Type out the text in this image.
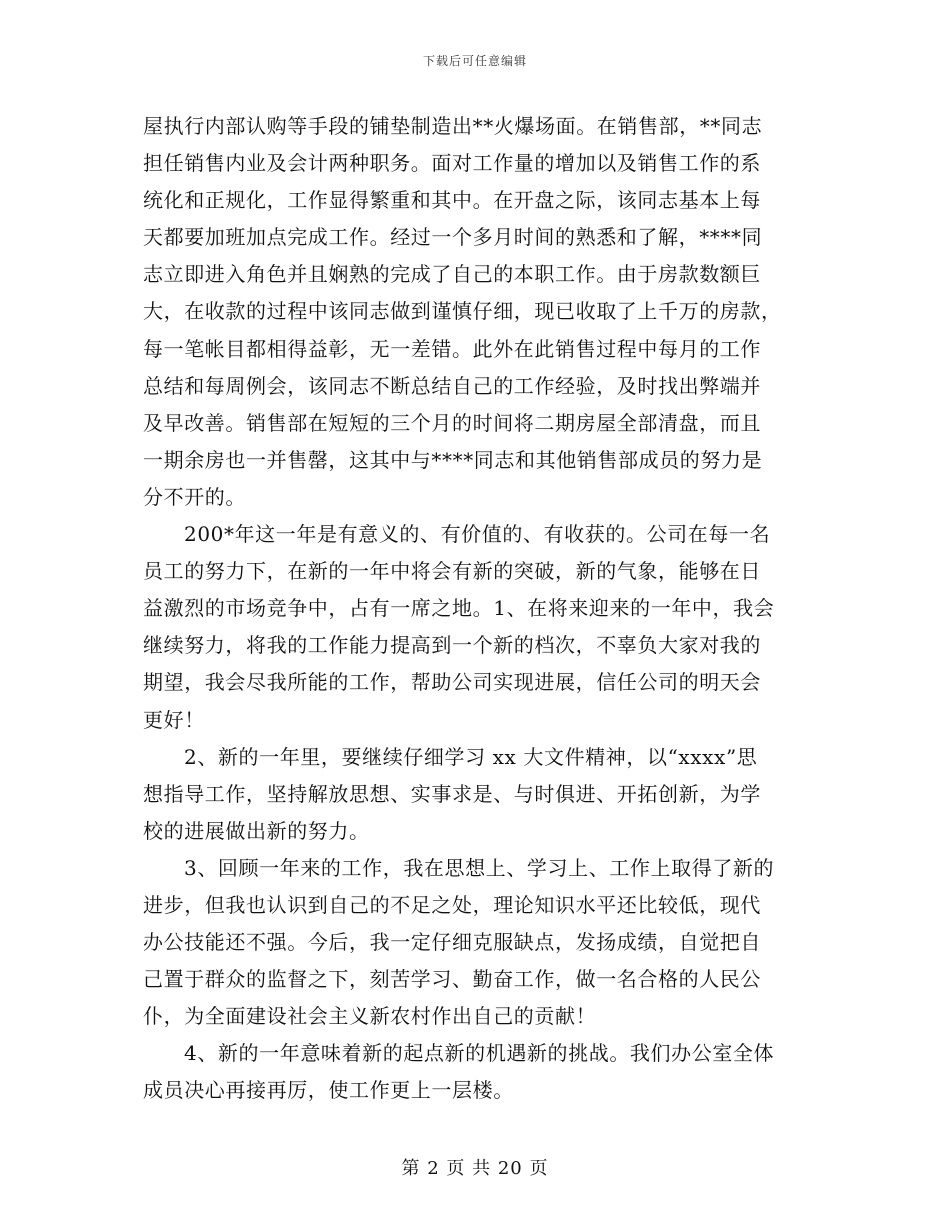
下载后可任意编辑
屋执行内部认购等手段的铺垫制造出**火爆场面。在销售部，**同志
担任销售内业及会计两种职务。面对工作量的增加以及销售工作的系
统化和正规化，工作显得繁重和其中。在开盘之际，该同志基本上每
天都要加班加点完成工作。经过一个多月时间的熟悉和了解，****同
志立即进入角色并且娴熟的完成了自己的本职工作。由于房款数额巨
大，在收款的过程中该同志做到谨慎仔细，现已收取了上千万的房款，
每一笔帐目都相得益彰，无一差错。此外在此销售过程中每月的工作
总结和每周例会，该同志不断总结自己的工作经验，及时找出弊端并
及早改善。销售部在短短的三个月的时间将二期房屋全部清盘，而且
一期余房也一并售罄，这其中与****同志和其他销售部成员的努力是
分不开的。
200*年这一年是有意义的、有价值的、有收获的。公司在每一名
员工的努力下，在新的一年中将会有新的突破，新的气象，能够在日
益激烈的市场竞争中，占有一席之地。1、在将来迎来的一年中，我会
继续努力，将我的工作能力提高到一个新的档次，不辜负大家对我的
期望，我会尽我所能的工作，帮助公司实现进展，信任公司的明天会
更好！
2、新的一年里，要继续仔细学习 xx 大文件精神，以“xxxx”思
想指导工作，坚持解放思想、实事求是、与时俱进、开拓创新，为学
校的进展做出新的努力。
3、回顾一年来的工作，我在思想上、学习上、工作上取得了新的
进步，但我也认识到自己的不足之处，理论知识水平还比较低，现代
办公技能还不强。今后，我一定仔细克服缺点，发扬成绩，自觉把自
己置于群众的监督之下，刻苦学习、勤奋工作，做一名合格的人民公
仆，为全面建设社会主义新农村作出自己的贡献！
4、新的一年意味着新的起点新的机遇新的挑战。我们办公室全体
成员决心再接再厉，使工作更上一层楼。
第 2 页 共 20 页
